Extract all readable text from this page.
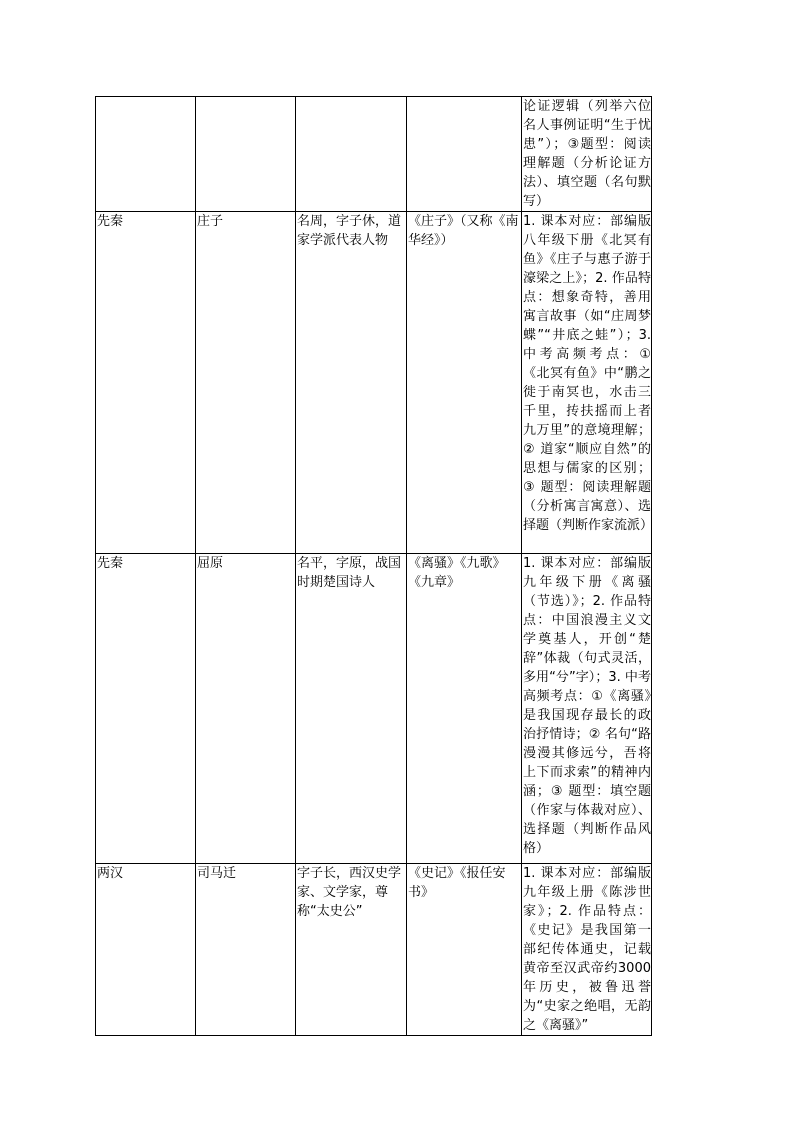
				论证逻辑（列举六位名人事例证明“生于忧患”）；③题型：阅读理解题（分析论证方法）、填空题（名句默写）
先秦	庄子	名周，字子休，道家学派代表人物	《庄子》（又称《南华经》）	1. 课本对应：部编版八年级下册《北冥有鱼》《庄子与惠子游于濠梁之上》；2. 作品特点：想象奇特，善用寓言故事（如“庄周梦蝶”“井底之蛙”）；3. 中考高频考点：①《北冥有鱼》中“鹏之徙于南冥也，水击三千里，抟扶摇而上者九万里”的意境理解；② 道家“顺应自然”的思想与儒家的区别；③ 题型：阅读理解题（分析寓言寓意）、选择题（判断作家流派）
先秦	屈原	名平，字原，战国时期楚国诗人	《离骚》《九歌》《九章》	1. 课本对应：部编版九年级下册《离骚（节选）》；2. 作品特点：中国浪漫主义文学奠基人，开创“楚辞”体裁（句式灵活，多用“兮”字）；3. 中考高频考点：①《离骚》是我国现存最长的政治抒情诗；② 名句“路漫漫其修远兮，吾将上下而求索”的精神内涵；③ 题型：填空题（作家与体裁对应）、选择题（判断作品风格）
两汉	司马迁	字子长，西汉史学家、文学家，尊称“太史公”	《史记》《报任安书》	1. 课本对应：部编版九年级上册《陈涉世家》；2. 作品特点：《史记》是我国第一部纪传体通史，记载黄帝至汉武帝约3000年历史，被鲁迅誉为“史家之绝唱，无韵之《离骚》”
